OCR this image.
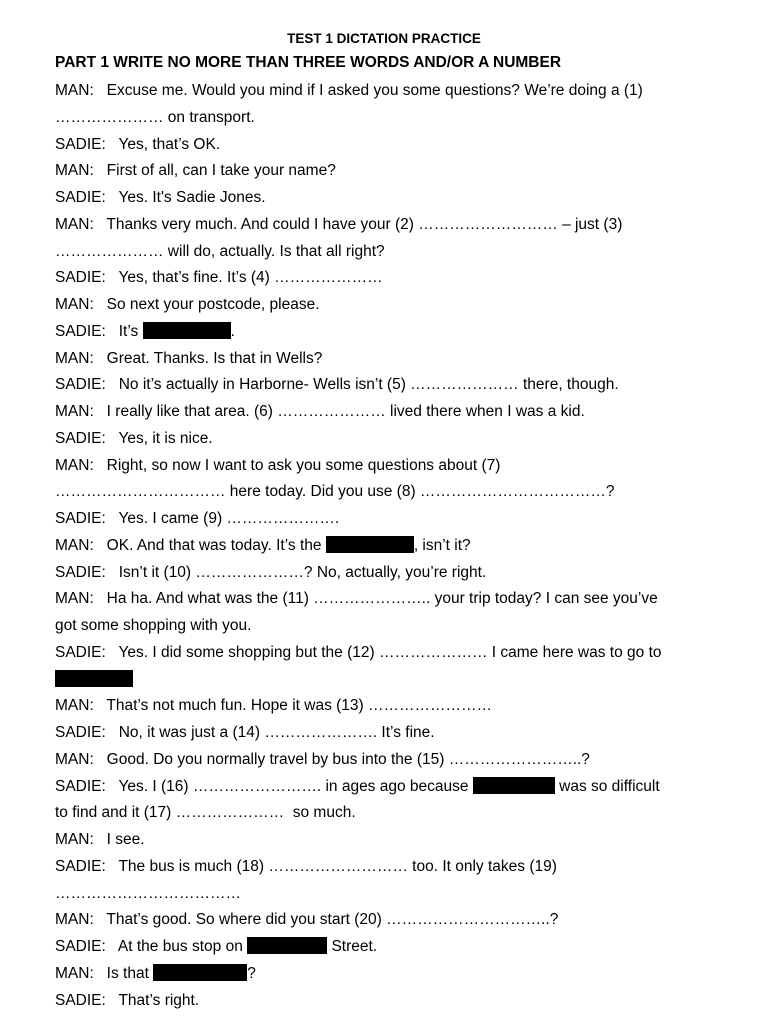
TEST 1 DICTATION PRACTICE
PART 1 WRITE NO MORE THAN THREE WORDS AND/OR A NUMBER
MAN:   Excuse me. Would you mind if I asked you some questions? We’re doing a (1)
………………… on transport.
SADIE:   Yes, that’s OK.
MAN:   First of all, can I take your name?
SADIE:   Yes. It's Sadie Jones.
MAN:   Thanks very much. And could I have your (2) ……………………… – just (3)
………………… will do, actually. Is that all right?
SADIE:   Yes, that’s fine. It’s (4) …………………
MAN:   So next your postcode, please.
SADIE:   It’s	.
MAN:   Great. Thanks. Is that in Wells?
SADIE:   No it’s actually in Harborne- Wells isn’t (5) ………………… there, though.
MAN:   I really like that area. (6) ………………… lived there when I was a kid.
SADIE:   Yes, it is nice.
MAN:   Right, so now I want to ask you some questions about (7)
…………………………… here today. Did you use (8) ………………………………?
SADIE:   Yes. I came (9) ………………….
MAN:   OK. And that was today. It’s the	, isn’t it?
SADIE:   Isn’t it (10) …………………? No, actually, you’re right.
MAN:   Ha ha. And what was the (11) ………………….. your trip today? I can see you’ve
got some shopping with you.
SADIE:   Yes. I did some shopping but the (12) ………………… I came here was to go to
MAN:   That’s not much fun. Hope it was (13) ……………………
SADIE:   No, it was just a (14) …………………. It’s fine.
MAN:   Good. Do you normally travel by bus into the (15) ……………………..?
SADIE:   Yes. I (16) ……………………. in ages ago because	was so difficult
to find and it (17) …………………  so much.
MAN:   I see.
SADIE:   The bus is much (18) ……………………… too. It only takes (19)
………………………………
MAN:   That’s good. So where did you start (20) …………………………..?
SADIE:   At the bus stop on	Street.
MAN:   Is that	?
SADIE:   That’s right.
